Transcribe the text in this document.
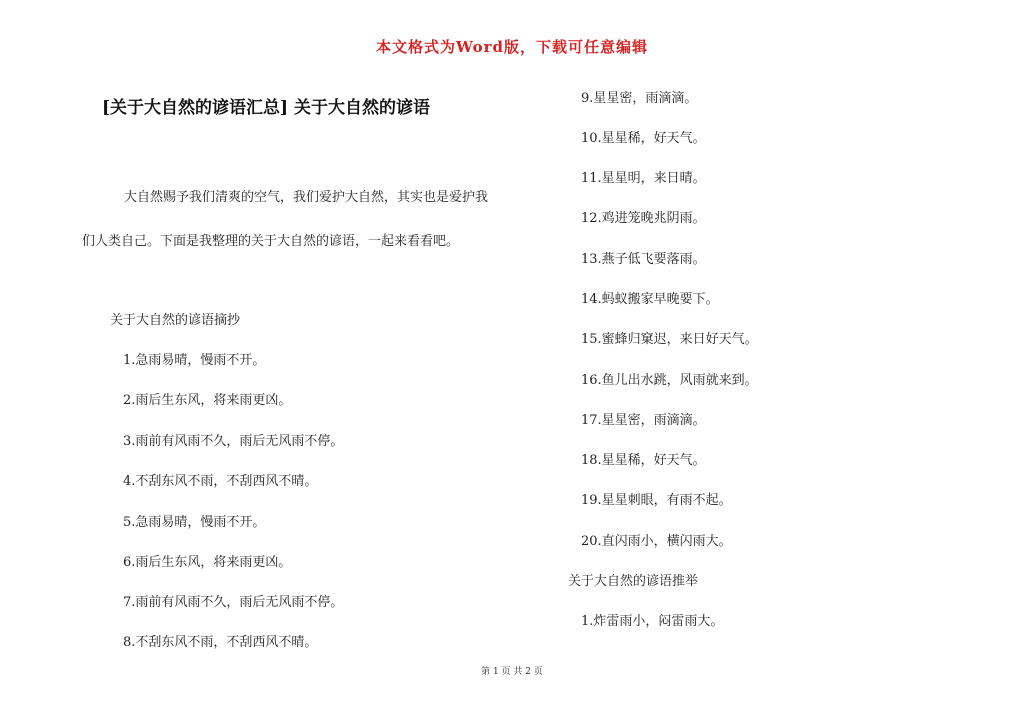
本文格式为Word版，下载可任意编辑
[关于大自然的谚语汇总] 关于大自然的谚语
大自然赐予我们清爽的空气，我们爱护大自然，其实也是爱护我
们人类自己。下面是我整理的关于大自然的谚语，一起来看看吧。
关于大自然的谚语摘抄
1.急雨易晴，慢雨不开。
2.雨后生东风，将来雨更凶。
3.雨前有风雨不久，雨后无风雨不停。
4.不刮东风不雨，不刮西风不晴。
5.急雨易晴，慢雨不开。
6.雨后生东风，将来雨更凶。
7.雨前有风雨不久，雨后无风雨不停。
8.不刮东风不雨，不刮西风不晴。
9.星星密，雨滴滴。
10.星星稀，好天气。
11.星星明，来日晴。
12.鸡进笼晚兆阴雨。
13.燕子低飞要落雨。
14.蚂蚁搬家早晚要下。
15.蜜蜂归窠迟，来日好天气。
16.鱼儿出水跳，风雨就来到。
17.星星密，雨滴滴。
18.星星稀，好天气。
19.星星刺眼，有雨不起。
20.直闪雨小，横闪雨大。
关于大自然的谚语推举
1.炸雷雨小，闷雷雨大。
第 1 页 共 2 页
